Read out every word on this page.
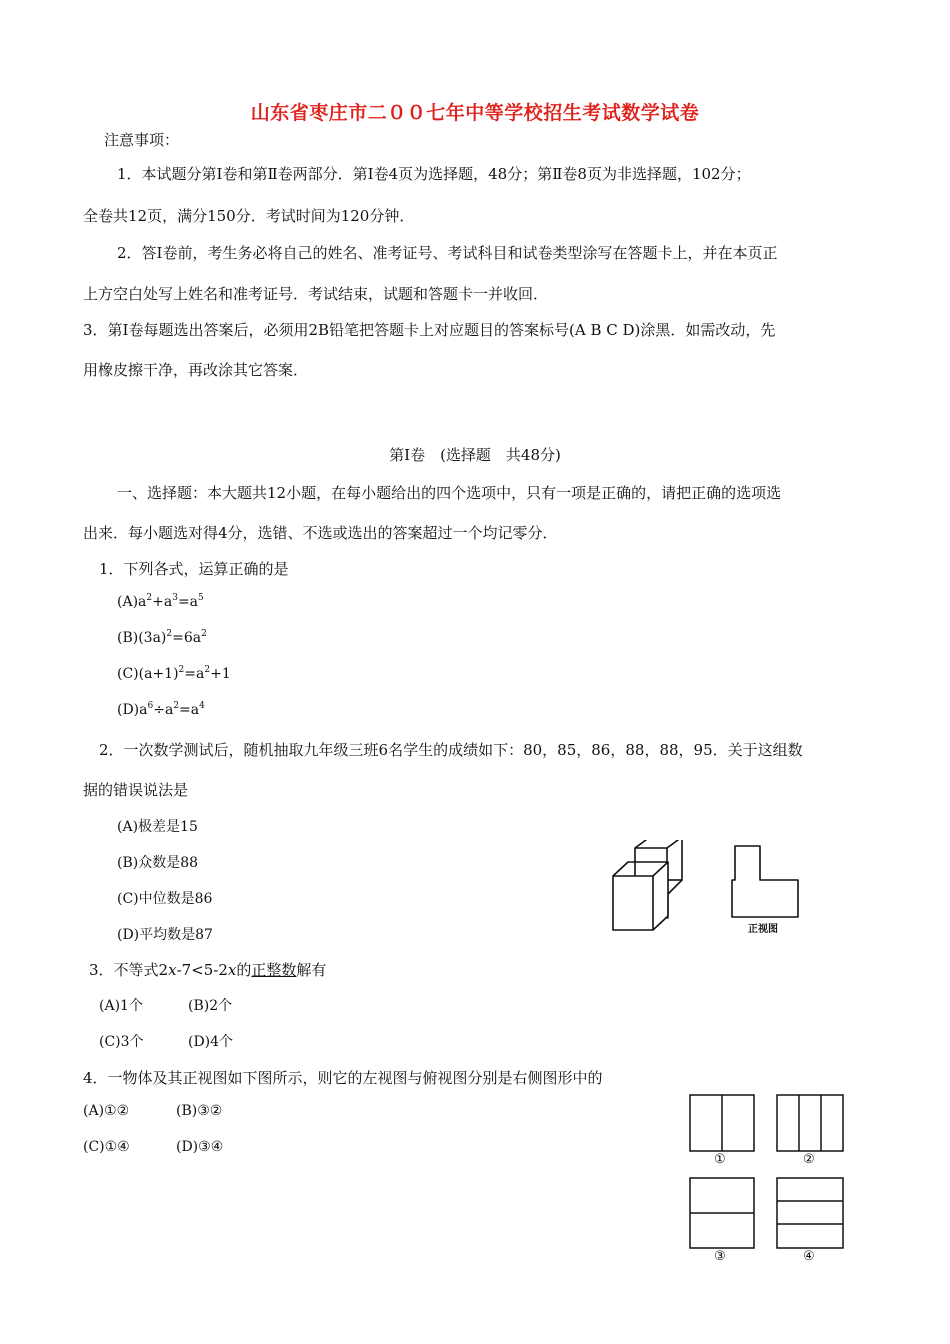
山东省枣庄市二００七年中等学校招生考试数学试卷
注意事项：
1．本试题分第Ⅰ卷和第Ⅱ卷两部分．第Ⅰ卷4页为选择题，48分；第Ⅱ卷8页为非选择题，102分；
全卷共12页，满分150分．考试时间为120分钟．
2．答Ⅰ卷前，考生务必将自己的姓名、准考证号、考试科目和试卷类型涂写在答题卡上，并在本页正
上方空白处写上姓名和准考证号．考试结束，试题和答题卡一并收回．
3．第Ⅰ卷每题选出答案后，必须用2B铅笔把答题卡上对应题目的答案标号(A B C D)涂黑．如需改动，先
用橡皮擦干净，再改涂其它答案．
第Ⅰ卷　(选择题　共48分)
一、选择题：本大题共12小题，在每小题给出的四个选项中，只有一项是正确的，请把正确的选项选
出来．每小题选对得4分，选错、不选或选出的答案超过一个均记零分．
1．下列各式，运算正确的是
$(A)a^2+a^3=a^5$
$(B)(3a)^2=6a^2$
$(C)(a+1)^2=a^2+1$
$(D)a^6\div a^2=a^4$
2．一次数学测试后，随机抽取九年级三班6名学生的成绩如下：80，85，86，88，88，95．关于这组数
据的错误说法是
(A)极差是15
(B)众数是88
(C)中位数是86
(D)平均数是87	正视图
3．不等式2x-7<5-2x的正整数解有
(A)1个	(B)2个
(C)3个	(D)4个
4．一物体及其正视图如下图所示，则它的左视图与俯视图分别是右侧图形中的
(A)①②	(B)③②
(C)①④	(D)③④
①	②
③	④
